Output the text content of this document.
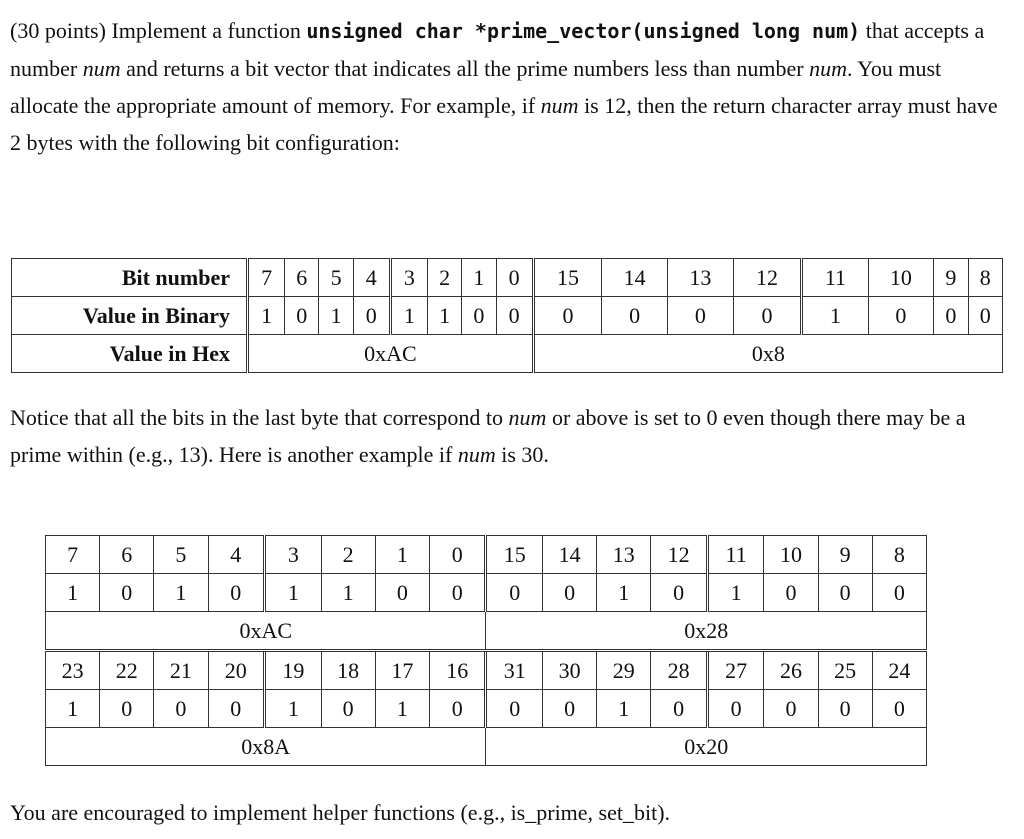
(30 points) Implement a function unsigned char *prime_vector(unsigned long num) that accepts a number num and returns a bit vector that indicates all the prime numbers less than number num. You must allocate the appropriate amount of memory. For example, if num is 12, then the return character array must have 2 bytes with the following bit configuration:

Bit number	7	6	5	4	3	2	1	0	15	14	13	12	11	10	9	8
Value in Binary	1	0	1	0	1	1	0	0	0	0	0	0	1	0	0	0
Value in Hex	0xAC								0x8							

Notice that all the bits in the last byte that correspond to num or above is set to 0 even though there may be a prime within (e.g., 13). Here is another example if num is 30.

7	6	5	4	3	2	1	0	15	14	13	12	11	10	9	8
1	0	1	0	1	1	0	0	0	0	1	0	1	0	0	0
0xAC								0x28							
23	22	21	20	19	18	17	16	31	30	29	28	27	26	25	24
1	0	0	0	1	0	1	0	0	0	1	0	0	0	0	0
0x8A								0x20							

You are encouraged to implement helper functions (e.g., is_prime, set_bit).
